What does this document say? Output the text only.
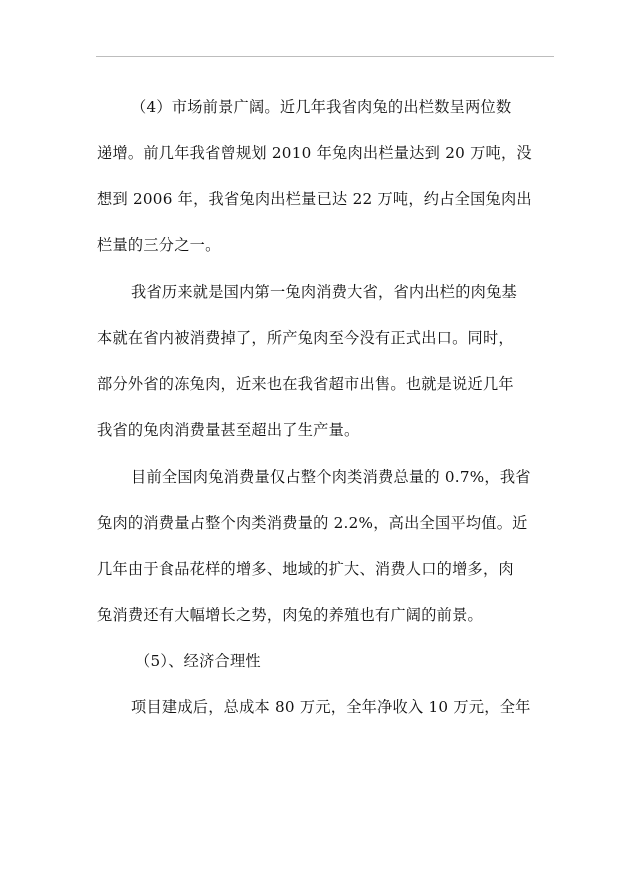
（4）市场前景广阔。近几年我省肉兔的出栏数呈两位数
递增。前几年我省曾规划 2010 年兔肉出栏量达到 20 万吨，没
想到 2006 年，我省兔肉出栏量已达 22 万吨，约占全国兔肉出
栏量的三分之一。
我省历来就是国内第一兔肉消费大省，省内出栏的肉兔基
本就在省内被消费掉了，所产兔肉至今没有正式出口。同时，
部分外省的冻兔肉，近来也在我省超市出售。也就是说近几年
我省的兔肉消费量甚至超出了生产量。
目前全国肉兔消费量仅占整个肉类消费总量的 0.7%，我省
兔肉的消费量占整个肉类消费量的 2.2%，高出全国平均值。近
几年由于食品花样的增多、地域的扩大、消费人口的增多，肉
兔消费还有大幅增长之势，肉兔的养殖也有广阔的前景。
（5）、经济合理性
项目建成后，总成本 80 万元，全年净收入 10 万元，全年
